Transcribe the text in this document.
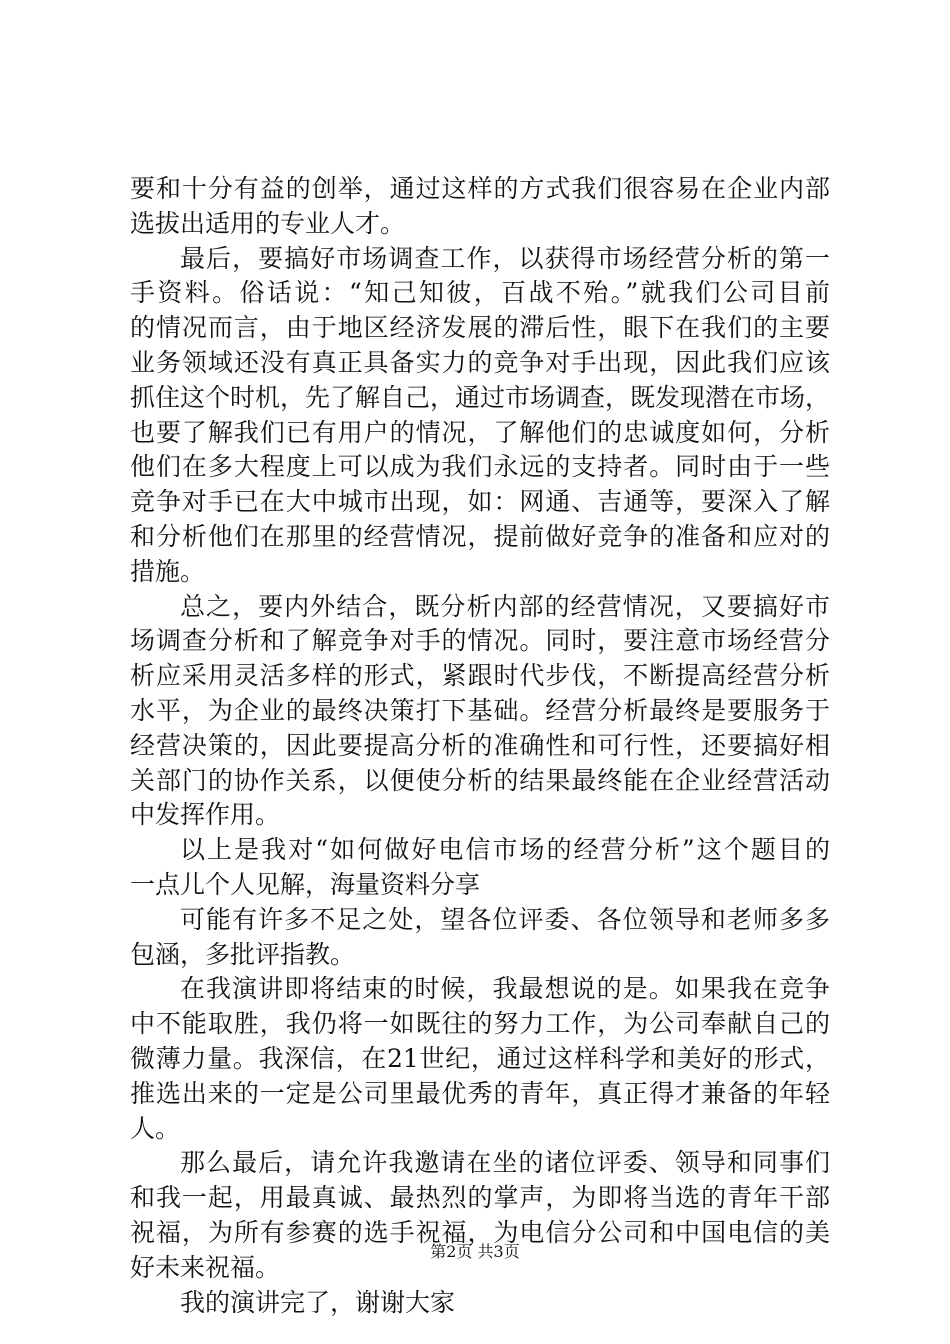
要和十分有益的创举，通过这样的方式我们很容易在企业内部
选拔出适用的专业人才。
最后，要搞好市场调查工作，以获得市场经营分析的第一
手资料。俗话说：“知己知彼，百战不殆。”就我们公司目前
的情况而言，由于地区经济发展的滞后性，眼下在我们的主要
业务领域还没有真正具备实力的竞争对手出现，因此我们应该
抓住这个时机，先了解自己，通过市场调查，既发现潜在市场，
也要了解我们已有用户的情况，了解他们的忠诚度如何，分析
他们在多大程度上可以成为我们永远的支持者。同时由于一些
竞争对手已在大中城市出现，如：网通、吉通等，要深入了解
和分析他们在那里的经营情况，提前做好竞争的准备和应对的
措施。
总之，要内外结合，既分析内部的经营情况，又要搞好市
场调查分析和了解竞争对手的情况。同时，要注意市场经营分
析应采用灵活多样的形式，紧跟时代步伐，不断提高经营分析
水平，为企业的最终决策打下基础。经营分析最终是要服务于
经营决策的，因此要提高分析的准确性和可行性，还要搞好相
关部门的协作关系，以便使分析的结果最终能在企业经营活动
中发挥作用。
以上是我对“如何做好电信市场的经营分析”这个题目的
一点儿个人见解，海量资料分享
可能有许多不足之处，望各位评委、各位领导和老师多多
包涵，多批评指教。
在我演讲即将结束的时候，我最想说的是。如果我在竞争
中不能取胜，我仍将一如既往的努力工作，为公司奉献自己的
微薄力量。我深信，在21世纪，通过这样科学和美好的形式，
推选出来的一定是公司里最优秀的青年，真正得才兼备的年轻
人。
那么最后，请允许我邀请在坐的诸位评委、领导和同事们
和我一起，用最真诚、最热烈的掌声，为即将当选的青年干部
祝福，为所有参赛的选手祝福，为电信分公司和中国电信的美
好未来祝福。
我的演讲完了，谢谢大家
第2页 共3页
